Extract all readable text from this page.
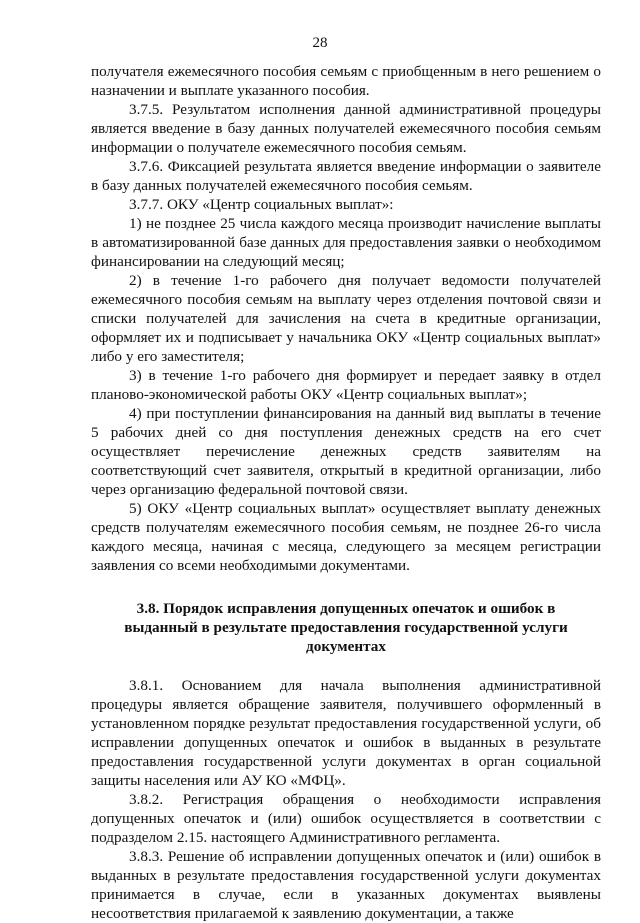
28

получателя ежемесячного пособия семьям с приобщенным в него решением о назначении и выплате указанного пособия.

3.7.5. Результатом исполнения данной административной процедуры является введение в базу данных получателей ежемесячного пособия семьям информации о получателе ежемесячного пособия семьям.

3.7.6. Фиксацией результата является введение информации о заявителе в базу данных получателей ежемесячного пособия семьям.

3.7.7. ОКУ «Центр социальных выплат»:

1) не позднее 25 числа каждого месяца производит начисление выплаты в автоматизированной базе данных для предоставления заявки о необходимом финансировании на следующий месяц;

2) в течение 1-го рабочего дня получает ведомости получателей ежемесячного пособия семьям на выплату через отделения почтовой связи и списки получателей для зачисления на счета в кредитные организации, оформляет их и подписывает у начальника ОКУ «Центр социальных выплат» либо у его заместителя;

3) в течение 1-го рабочего дня формирует и передает заявку в отдел планово-экономической работы ОКУ «Центр социальных выплат»;

4) при поступлении финансирования на данный вид выплаты в течение 5 рабочих дней со дня поступления денежных средств на его счет осуществляет перечисление денежных средств заявителям на соответствующий счет заявителя, открытый в кредитной организации, либо через организацию федеральной почтовой связи.

5) ОКУ «Центр социальных выплат» осуществляет выплату денежных средств получателям ежемесячного пособия семьям, не позднее 26-го числа каждого месяца, начиная с месяца, следующего за месяцем регистрации заявления со всеми необходимыми документами.

3.8. Порядок исправления допущенных опечаток и ошибок в выданный в результате предоставления государственной услуги документах

3.8.1. Основанием для начала выполнения административной процедуры является обращение заявителя, получившего оформленный в установленном порядке результат предоставления государственной услуги, об исправлении допущенных опечаток и ошибок в выданных в результате предоставления государственной услуги документах в орган социальной защиты населения или АУ КО «МФЦ».

3.8.2. Регистрация обращения о необходимости исправления допущенных опечаток и (или) ошибок осуществляется в соответствии с подразделом 2.15. настоящего Административного регламента.

3.8.3. Решение об исправлении допущенных опечаток и (или) ошибок в выданных в результате предоставления государственной услуги документах принимается в случае, если в указанных документах выявлены несоответствия прилагаемой к заявлению документации, а также
